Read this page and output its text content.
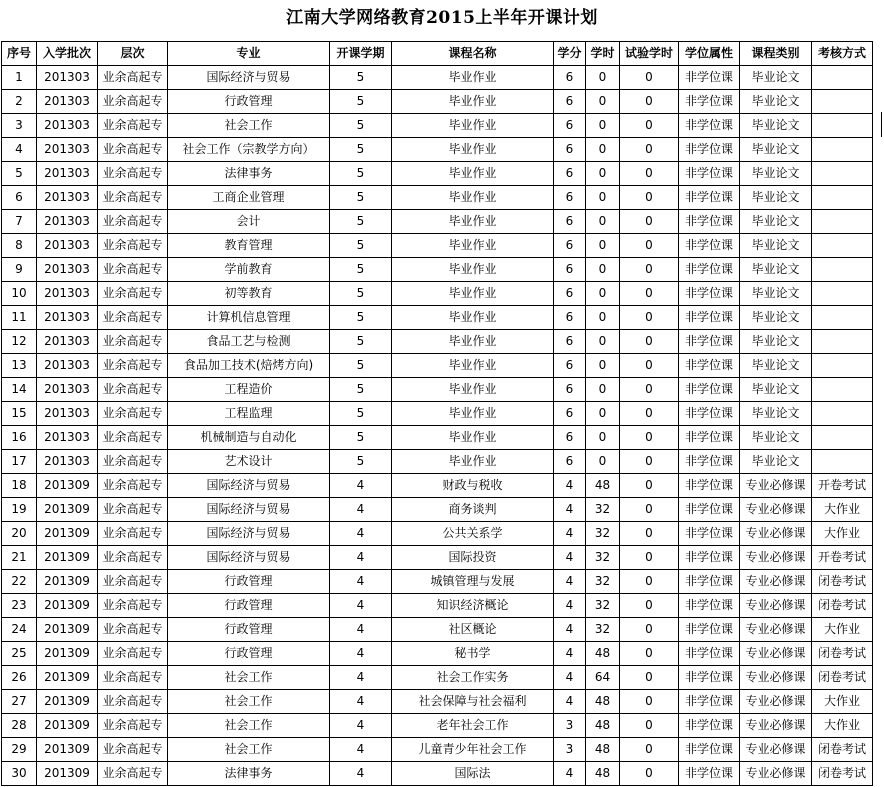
江南大学网络教育2015上半年开课计划
序号	入学批次	层次	专业	开课学期	课程名称	学分	学时	试验学时	学位属性	课程类别	考核方式
1	201303	业余高起专	国际经济与贸易	5	毕业作业	6	0	0	非学位课	毕业论文	
2	201303	业余高起专	行政管理	5	毕业作业	6	0	0	非学位课	毕业论文	
3	201303	业余高起专	社会工作	5	毕业作业	6	0	0	非学位课	毕业论文	
4	201303	业余高起专	社会工作（宗教学方向）	5	毕业作业	6	0	0	非学位课	毕业论文	
5	201303	业余高起专	法律事务	5	毕业作业	6	0	0	非学位课	毕业论文	
6	201303	业余高起专	工商企业管理	5	毕业作业	6	0	0	非学位课	毕业论文	
7	201303	业余高起专	会计	5	毕业作业	6	0	0	非学位课	毕业论文	
8	201303	业余高起专	教育管理	5	毕业作业	6	0	0	非学位课	毕业论文	
9	201303	业余高起专	学前教育	5	毕业作业	6	0	0	非学位课	毕业论文	
10	201303	业余高起专	初等教育	5	毕业作业	6	0	0	非学位课	毕业论文	
11	201303	业余高起专	计算机信息管理	5	毕业作业	6	0	0	非学位课	毕业论文	
12	201303	业余高起专	食品工艺与检测	5	毕业作业	6	0	0	非学位课	毕业论文	
13	201303	业余高起专	食品加工技术(焙烤方向)	5	毕业作业	6	0	0	非学位课	毕业论文	
14	201303	业余高起专	工程造价	5	毕业作业	6	0	0	非学位课	毕业论文	
15	201303	业余高起专	工程监理	5	毕业作业	6	0	0	非学位课	毕业论文	
16	201303	业余高起专	机械制造与自动化	5	毕业作业	6	0	0	非学位课	毕业论文	
17	201303	业余高起专	艺术设计	5	毕业作业	6	0	0	非学位课	毕业论文	
18	201309	业余高起专	国际经济与贸易	4	财政与税收	4	48	0	非学位课	专业必修课	开卷考试
19	201309	业余高起专	国际经济与贸易	4	商务谈判	4	32	0	非学位课	专业必修课	大作业
20	201309	业余高起专	国际经济与贸易	4	公共关系学	4	32	0	非学位课	专业必修课	大作业
21	201309	业余高起专	国际经济与贸易	4	国际投资	4	32	0	非学位课	专业必修课	开卷考试
22	201309	业余高起专	行政管理	4	城镇管理与发展	4	32	0	非学位课	专业必修课	闭卷考试
23	201309	业余高起专	行政管理	4	知识经济概论	4	32	0	非学位课	专业必修课	闭卷考试
24	201309	业余高起专	行政管理	4	社区概论	4	32	0	非学位课	专业必修课	大作业
25	201309	业余高起专	行政管理	4	秘书学	4	48	0	非学位课	专业必修课	闭卷考试
26	201309	业余高起专	社会工作	4	社会工作实务	4	64	0	非学位课	专业必修课	闭卷考试
27	201309	业余高起专	社会工作	4	社会保障与社会福利	4	48	0	非学位课	专业必修课	大作业
28	201309	业余高起专	社会工作	4	老年社会工作	3	48	0	非学位课	专业必修课	大作业
29	201309	业余高起专	社会工作	4	儿童青少年社会工作	3	48	0	非学位课	专业必修课	闭卷考试
30	201309	业余高起专	法律事务	4	国际法	4	48	0	非学位课	专业必修课	闭卷考试
